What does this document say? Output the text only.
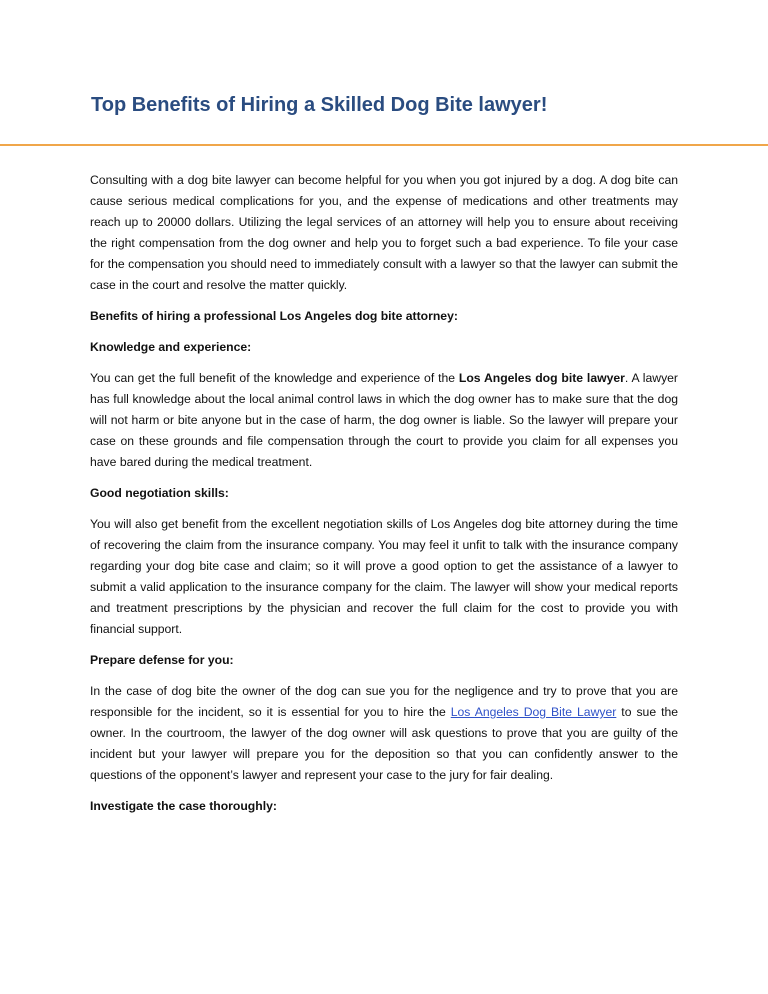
Top Benefits of Hiring a Skilled Dog Bite lawyer!

Consulting with a dog bite lawyer can become helpful for you when you got injured by a dog. A dog bite can cause serious medical complications for you, and the expense of medications and other treatments may reach up to 20000 dollars. Utilizing the legal services of an attorney will help you to ensure about receiving the right compensation from the dog owner and help you to forget such a bad experience. To file your case for the compensation you should need to immediately consult with a lawyer so that the lawyer can submit the case in the court and resolve the matter quickly.

Benefits of hiring a professional Los Angeles dog bite attorney:

Knowledge and experience:

You can get the full benefit of the knowledge and experience of the Los Angeles dog bite lawyer. A lawyer has full knowledge about the local animal control laws in which the dog owner has to make sure that the dog will not harm or bite anyone but in the case of harm, the dog owner is liable. So the lawyer will prepare your case on these grounds and file compensation through the court to provide you claim for all expenses you have bared during the medical treatment.

Good negotiation skills:

You will also get benefit from the excellent negotiation skills of Los Angeles dog bite attorney during the time of recovering the claim from the insurance company. You may feel it unfit to talk with the insurance company regarding your dog bite case and claim; so it will prove a good option to get the assistance of a lawyer to submit a valid application to the insurance company for the claim. The lawyer will show your medical reports and treatment prescriptions by the physician and recover the full claim for the cost to provide you with financial support.

Prepare defense for you:

In the case of dog bite the owner of the dog can sue you for the negligence and try to prove that you are responsible for the incident, so it is essential for you to hire the Los Angeles Dog Bite Lawyer to sue the owner. In the courtroom, the lawyer of the dog owner will ask questions to prove that you are guilty of the incident but your lawyer will prepare you for the deposition so that you can confidently answer to the questions of the opponent’s lawyer and represent your case to the jury for fair dealing.

Investigate the case thoroughly:
